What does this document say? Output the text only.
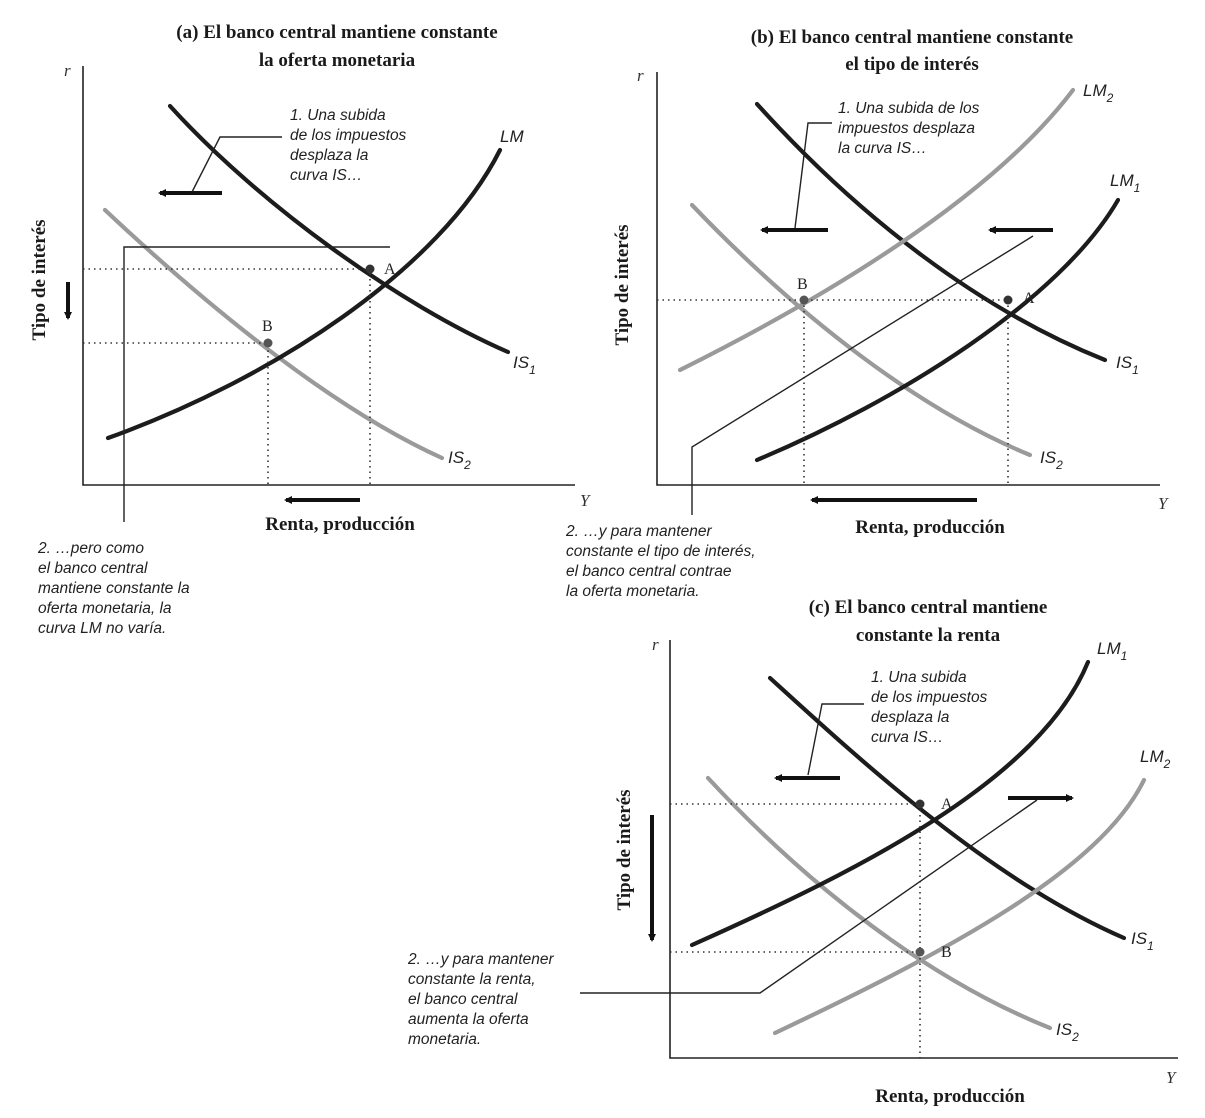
(a) El banco central mantiene constante
la oferta monetaria
r
Y
Tipo de interés
Renta, producción
A
B
LM
$IS_1$
$IS_2$
1. Una subida de los impuestos desplaza la curva IS…
2. …pero como el banco central mantiene constante la oferta monetaria, la curva LM no varía.
(b) El banco central mantiene constante
el tipo de interés
r
Y
Tipo de interés
Renta, producción
A
B
$LM_2$
$LM_1$
$IS_1$
$IS_2$
1. Una subida de los impuestos desplaza la curva IS…
2. …y para mantener constante el tipo de interés, el banco central contrae la oferta monetaria.
(c) El banco central mantiene
constante la renta
r
Y
Tipo de interés
Renta, producción
A
B
$LM_1$
$LM_2$
$IS_1$
$IS_2$
1. Una subida de los impuestos desplaza la curva IS…
2. …y para mantener constante la renta, el banco central aumenta la oferta monetaria.
